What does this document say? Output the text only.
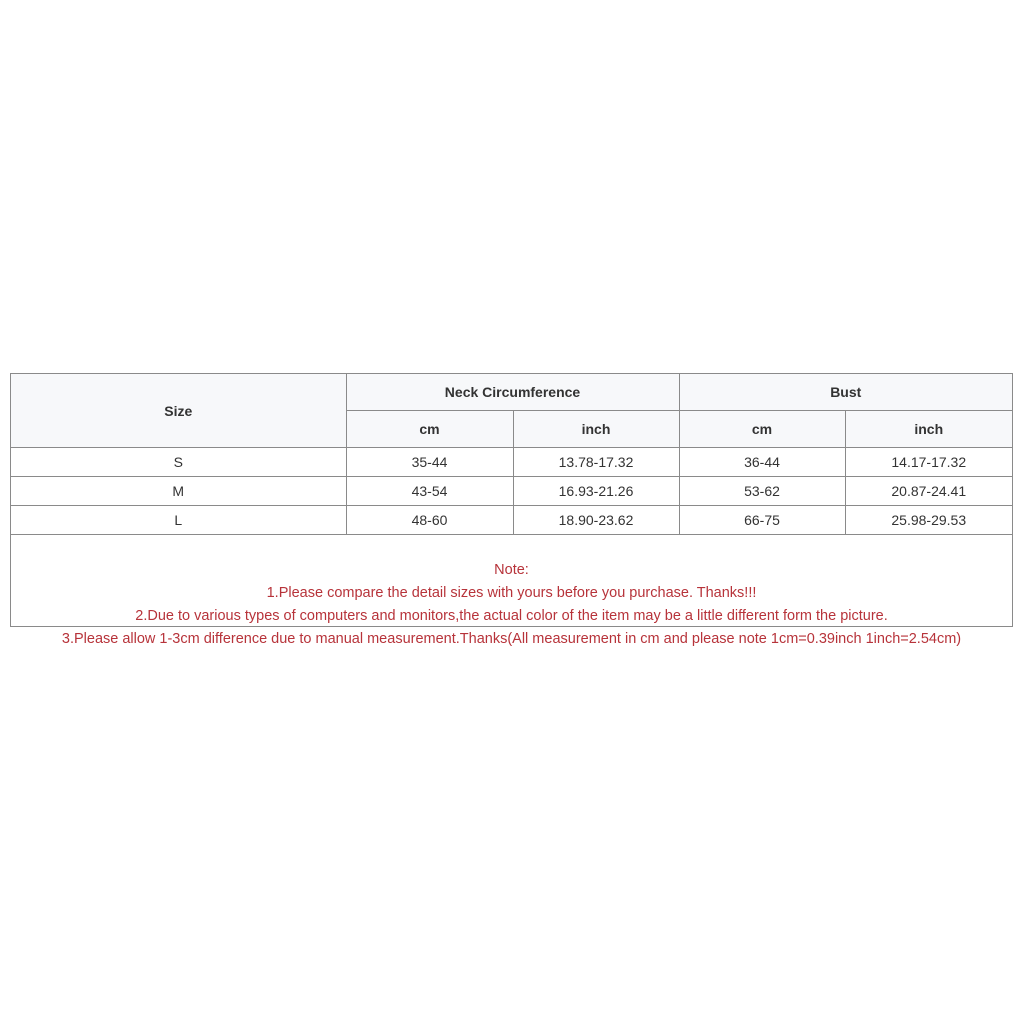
Size	Neck Circumference		Bust	
	cm	inch	cm	inch
S	35-44	13.78-17.32	36-44	14.17-17.32
M	43-54	16.93-21.26	53-62	20.87-24.41
L	48-60	18.90-23.62	66-75	25.98-29.53
Note:
1.Please compare the detail sizes with yours before you purchase. Thanks!!!
2.Due to various types of computers and monitors,the actual color of the item may be a little different form the picture.
3.Please allow 1-3cm difference due to manual measurement.Thanks(All measurement in cm and please note 1cm=0.39inch 1inch=2.54cm)
